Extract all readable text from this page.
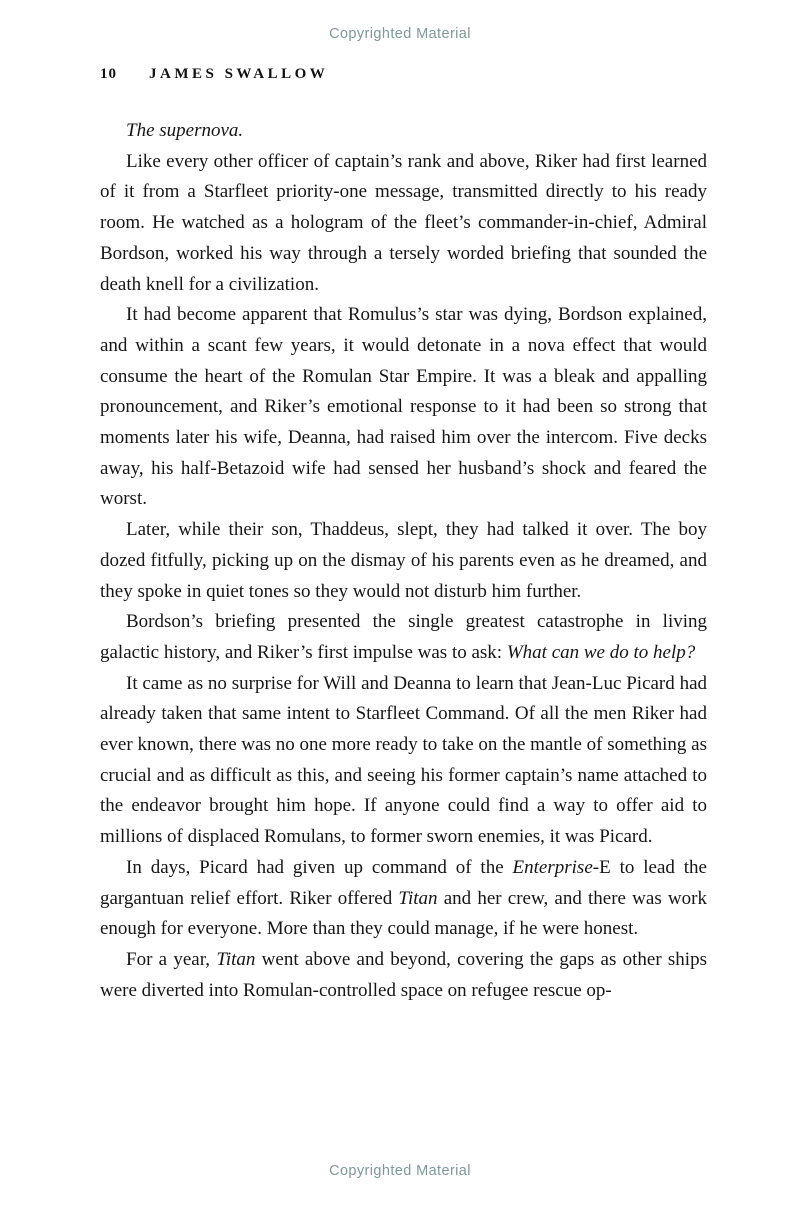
Copyrighted Material
10 JAMES SWALLOW

The supernova.

Like every other officer of captain’s rank and above, Riker had first learned of it from a Starfleet priority-one message, transmitted directly to his ready room. He watched as a hologram of the fleet’s commander-in-chief, Admiral Bordson, worked his way through a tersely worded briefing that sounded the death knell for a civilization.

It had become apparent that Romulus’s star was dying, Bordson explained, and within a scant few years, it would detonate in a nova effect that would consume the heart of the Romulan Star Empire. It was a bleak and appalling pronouncement, and Riker’s emotional response to it had been so strong that moments later his wife, Deanna, had raised him over the intercom. Five decks away, his half-Betazoid wife had sensed her husband’s shock and feared the worst.

Later, while their son, Thaddeus, slept, they had talked it over. The boy dozed fitfully, picking up on the dismay of his parents even as he dreamed, and they spoke in quiet tones so they would not disturb him further.

Bordson’s briefing presented the single greatest catastrophe in living galactic history, and Riker’s first impulse was to ask: What can we do to help?

It came as no surprise for Will and Deanna to learn that Jean-Luc Picard had already taken that same intent to Starfleet Command. Of all the men Riker had ever known, there was no one more ready to take on the mantle of something as crucial and as difficult as this, and seeing his former captain’s name attached to the endeavor brought him hope. If anyone could find a way to offer aid to millions of displaced Romulans, to former sworn enemies, it was Picard.

In days, Picard had given up command of the Enterprise-E to lead the gargantuan relief effort. Riker offered Titan and her crew, and there was work enough for everyone. More than they could manage, if he were honest.

For a year, Titan went above and beyond, covering the gaps as other ships were diverted into Romulan-controlled space on refugee rescue op-

Copyrighted Material
